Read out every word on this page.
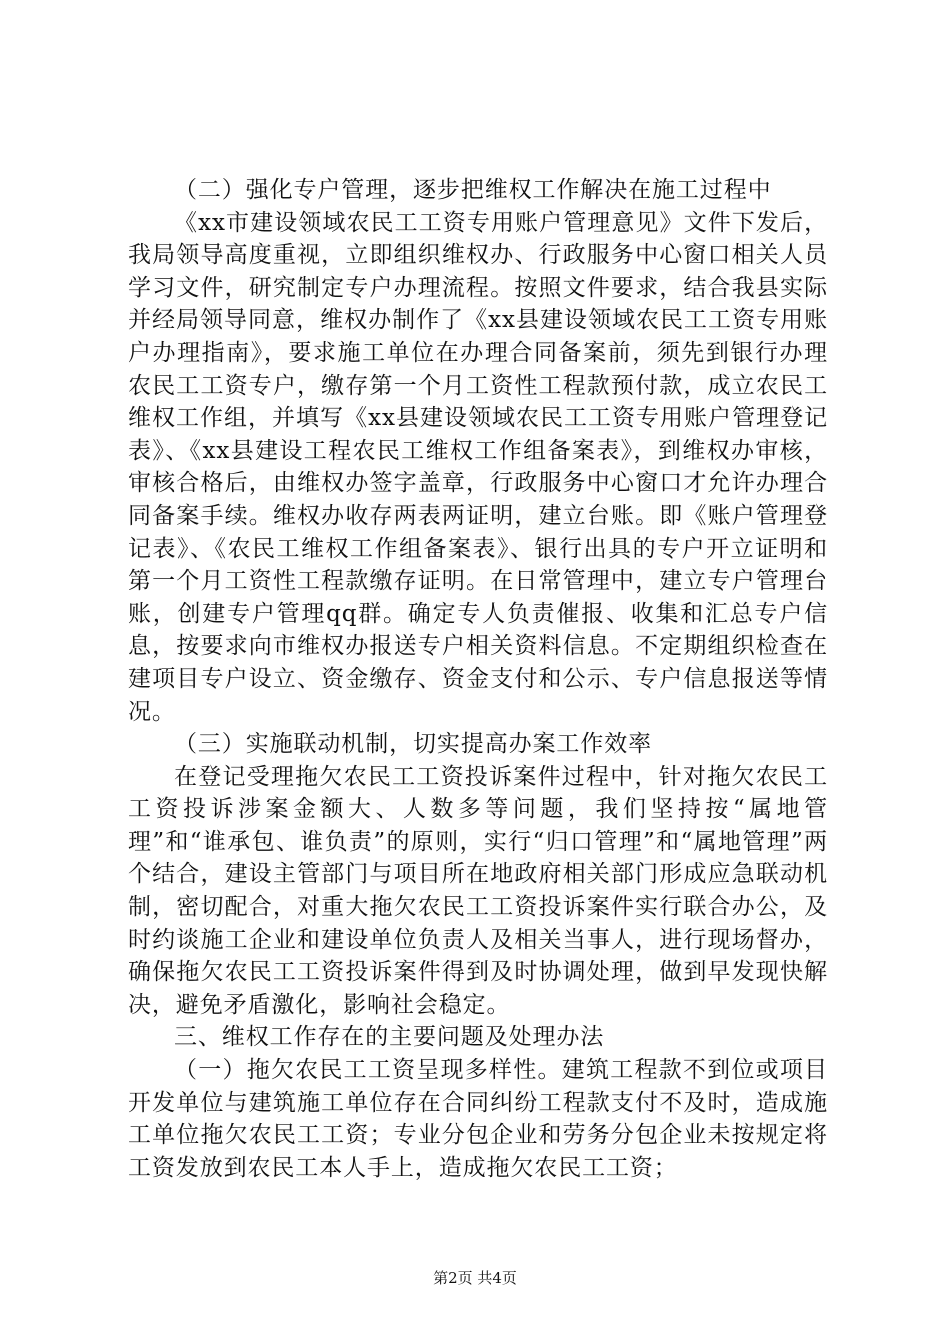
（二）强化专户管理，逐步把维权工作解决在施工过程中

《xx市建设领域农民工工资专用账户管理意见》文件下发后，我局领导高度重视，立即组织维权办、行政服务中心窗口相关人员学习文件，研究制定专户办理流程。按照文件要求，结合我县实际并经局领导同意，维权办制作了《xx县建设领域农民工工资专用账户办理指南》，要求施工单位在办理合同备案前，须先到银行办理农民工工资专户，缴存第一个月工资性工程款预付款，成立农民工维权工作组，并填写《xx县建设领域农民工工资专用账户管理登记表》、《xx县建设工程农民工维权工作组备案表》，到维权办审核，审核合格后，由维权办签字盖章，行政服务中心窗口才允许办理合同备案手续。维权办收存两表两证明，建立台账。即《账户管理登记表》、《农民工维权工作组备案表》、银行出具的专户开立证明和第一个月工资性工程款缴存证明。在日常管理中，建立专户管理台账，创建专户管理qq群。确定专人负责催报、收集和汇总专户信息，按要求向市维权办报送专户相关资料信息。不定期组织检查在建项目专户设立、资金缴存、资金支付和公示、专户信息报送等情况。

（三）实施联动机制，切实提高办案工作效率

在登记受理拖欠农民工工资投诉案件过程中，针对拖欠农民工工资投诉涉案金额大、人数多等问题，我们坚持按“属地管理”和“谁承包、谁负责”的原则，实行“归口管理”和“属地管理”两个结合，建设主管部门与项目所在地政府相关部门形成应急联动机制，密切配合，对重大拖欠农民工工资投诉案件实行联合办公，及时约谈施工企业和建设单位负责人及相关当事人，进行现场督办，确保拖欠农民工工资投诉案件得到及时协调处理，做到早发现快解决，避免矛盾激化，影响社会稳定。

三、维权工作存在的主要问题及处理办法

（一）拖欠农民工工资呈现多样性。建筑工程款不到位或项目开发单位与建筑施工单位存在合同纠纷工程款支付不及时，造成施工单位拖欠农民工工资；专业分包企业和劳务分包企业未按规定将工资发放到农民工本人手上，造成拖欠农民工工资；

第2页 共4页
